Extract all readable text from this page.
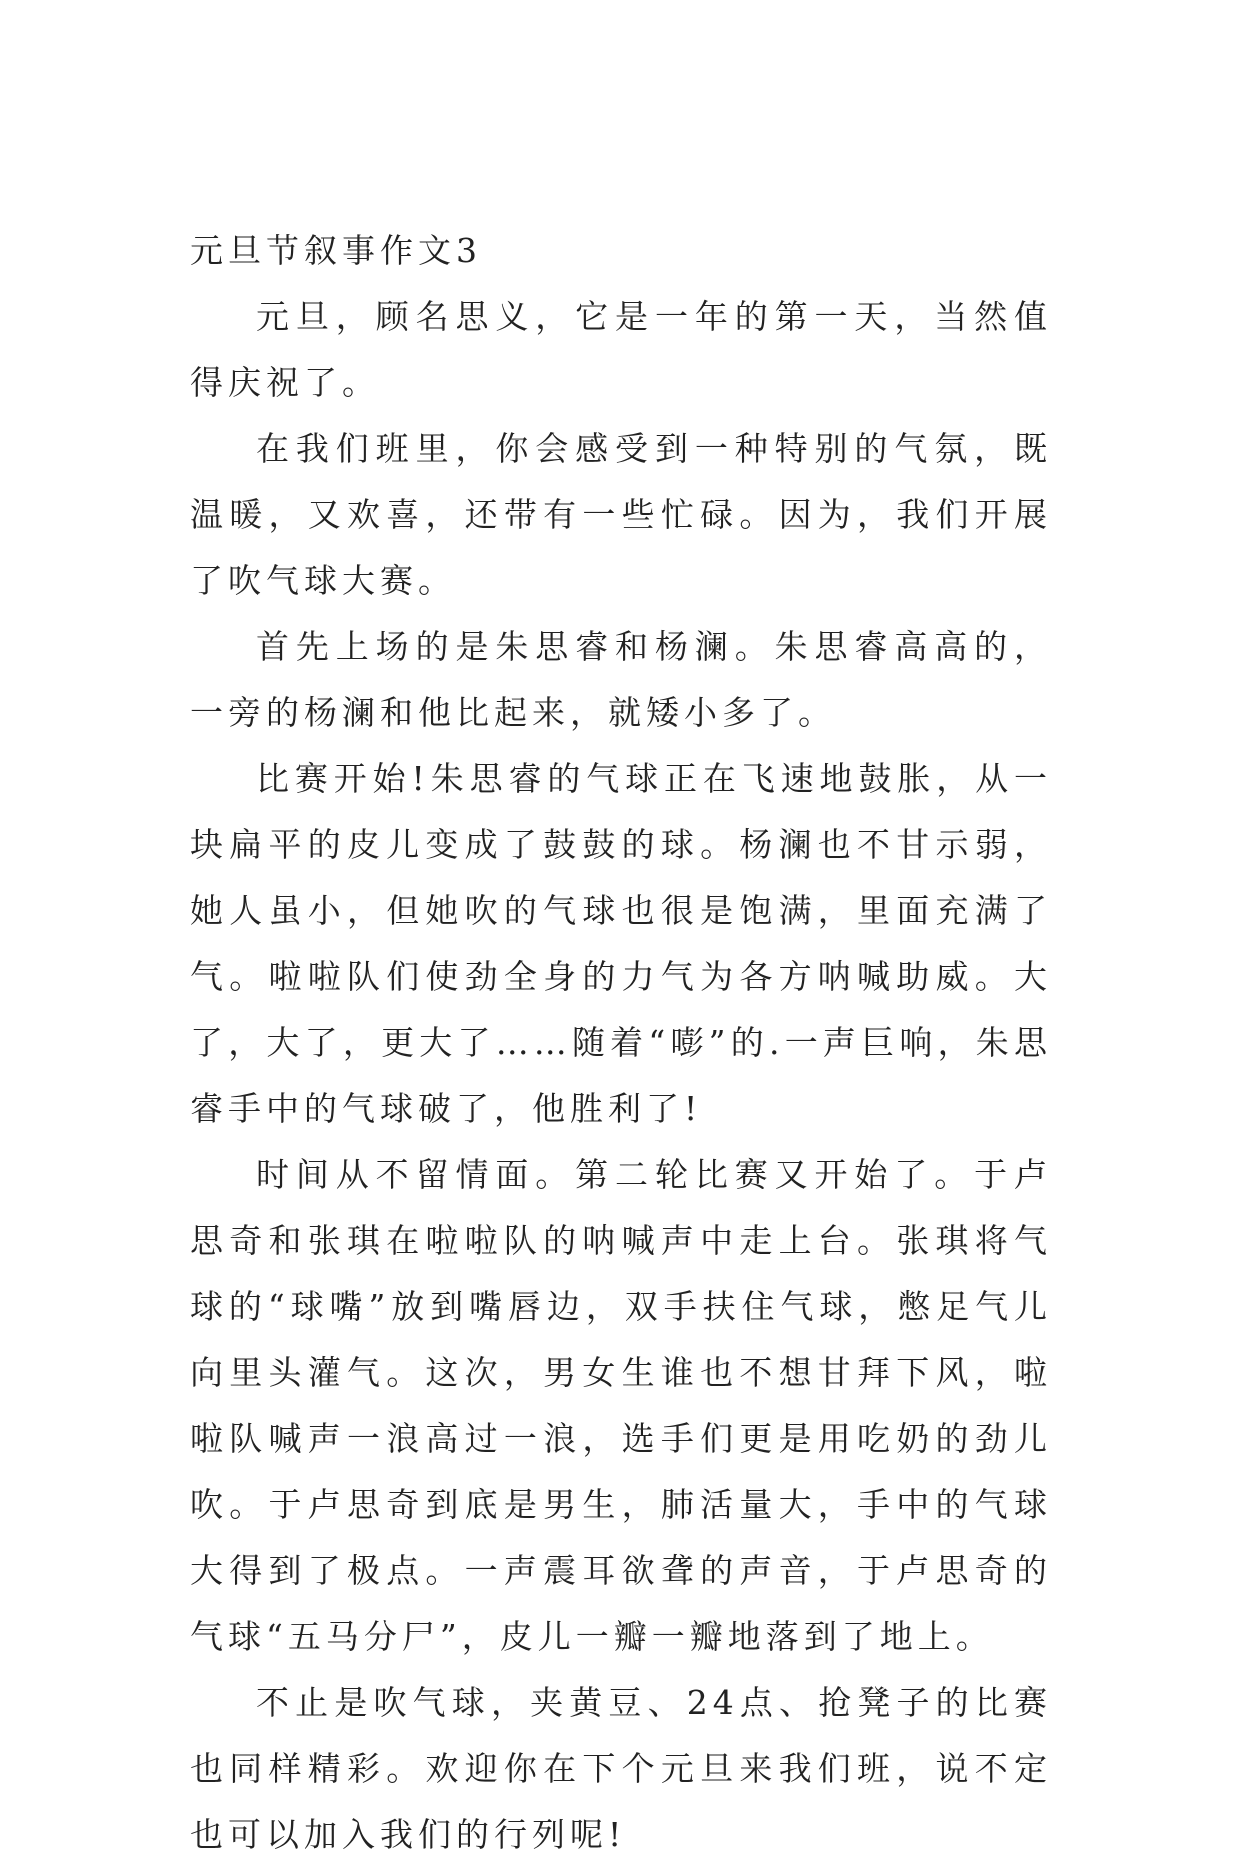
元旦节叙事作文3

元旦，顾名思义，它是一年的第一天，当然值得庆祝了。

在我们班里，你会感受到一种特别的气氛，既温暖，又欢喜，还带有一些忙碌。因为，我们开展了吹气球大赛。

首先上场的是朱思睿和杨澜。朱思睿高高的，一旁的杨澜和他比起来，就矮小多了。

比赛开始!朱思睿的气球正在飞速地鼓胀，从一块扁平的皮儿变成了鼓鼓的球。杨澜也不甘示弱，她人虽小，但她吹的气球也很是饱满，里面充满了气。啦啦队们使劲全身的力气为各方呐喊助威。大了，大了，更大了……随着“嘭”的.一声巨响，朱思睿手中的气球破了，他胜利了!

时间从不留情面。第二轮比赛又开始了。于卢思奇和张琪在啦啦队的呐喊声中走上台。张琪将气球的“球嘴”放到嘴唇边，双手扶住气球，憋足气儿向里头灌气。这次，男女生谁也不想甘拜下风，啦啦队喊声一浪高过一浪，选手们更是用吃奶的劲儿吹。于卢思奇到底是男生，肺活量大，手中的气球大得到了极点。一声震耳欲聋的声音，于卢思奇的气球“五马分尸”，皮儿一瓣一瓣地落到了地上。

不止是吹气球，夹黄豆、24点、抢凳子的比赛也同样精彩。欢迎你在下个元旦来我们班，说不定也可以加入我们的行列呢!
